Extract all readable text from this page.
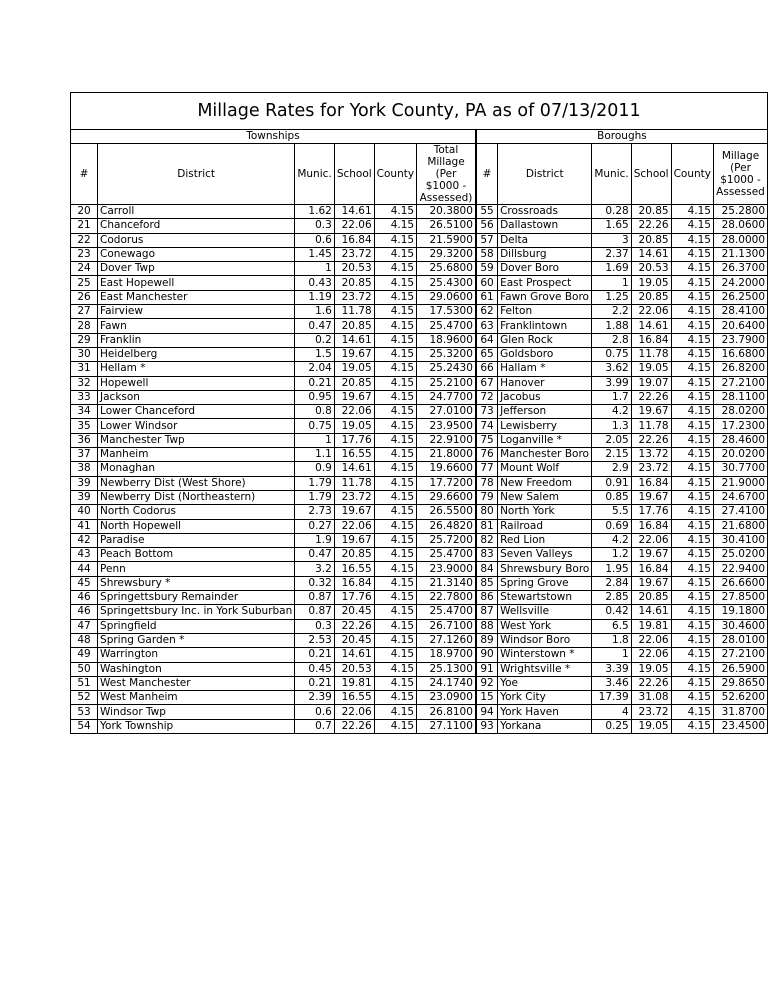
Millage Rates for York County, PA as of 07/13/2011											
Townships						Boroughs					
#	District	Munic.	School	County	Total Millage (Per $1000 - Assessed)	#	District	Munic.	School	County	Millage (Per $1000 - Assessed
20	Carroll	1.62	14.61	4.15	20.3800	55	Crossroads	0.28	20.85	4.15	25.2800
21	Chanceford	0.3	22.06	4.15	26.5100	56	Dallastown	1.65	22.26	4.15	28.0600
22	Codorus	0.6	16.84	4.15	21.5900	57	Delta	3	20.85	4.15	28.0000
23	Conewago	1.45	23.72	4.15	29.3200	58	Dillsburg	2.37	14.61	4.15	21.1300
24	Dover Twp	1	20.53	4.15	25.6800	59	Dover Boro	1.69	20.53	4.15	26.3700
25	East Hopewell	0.43	20.85	4.15	25.4300	60	East Prospect	1	19.05	4.15	24.2000
26	East Manchester	1.19	23.72	4.15	29.0600	61	Fawn Grove Boro	1.25	20.85	4.15	26.2500
27	Fairview	1.6	11.78	4.15	17.5300	62	Felton	2.2	22.06	4.15	28.4100
28	Fawn	0.47	20.85	4.15	25.4700	63	Franklintown	1.88	14.61	4.15	20.6400
29	Franklin	0.2	14.61	4.15	18.9600	64	Glen Rock	2.8	16.84	4.15	23.7900
30	Heidelberg	1.5	19.67	4.15	25.3200	65	Goldsboro	0.75	11.78	4.15	16.6800
31	Hellam *	2.04	19.05	4.15	25.2430	66	Hallam *	3.62	19.05	4.15	26.8200
32	Hopewell	0.21	20.85	4.15	25.2100	67	Hanover	3.99	19.07	4.15	27.2100
33	Jackson	0.95	19.67	4.15	24.7700	72	Jacobus	1.7	22.26	4.15	28.1100
34	Lower Chanceford	0.8	22.06	4.15	27.0100	73	Jefferson	4.2	19.67	4.15	28.0200
35	Lower Windsor	0.75	19.05	4.15	23.9500	74	Lewisberry	1.3	11.78	4.15	17.2300
36	Manchester Twp	1	17.76	4.15	22.9100	75	Loganville *	2.05	22.26	4.15	28.4600
37	Manheim	1.1	16.55	4.15	21.8000	76	Manchester Boro	2.15	13.72	4.15	20.0200
38	Monaghan	0.9	14.61	4.15	19.6600	77	Mount Wolf	2.9	23.72	4.15	30.7700
39	Newberry Dist (West Shore)	1.79	11.78	4.15	17.7200	78	New Freedom	0.91	16.84	4.15	21.9000
39	Newberry Dist (Northeastern)	1.79	23.72	4.15	29.6600	79	New Salem	0.85	19.67	4.15	24.6700
40	North Codorus	2.73	19.67	4.15	26.5500	80	North York	5.5	17.76	4.15	27.4100
41	North Hopewell	0.27	22.06	4.15	26.4820	81	Railroad	0.69	16.84	4.15	21.6800
42	Paradise	1.9	19.67	4.15	25.7200	82	Red Lion	4.2	22.06	4.15	30.4100
43	Peach Bottom	0.47	20.85	4.15	25.4700	83	Seven Valleys	1.2	19.67	4.15	25.0200
44	Penn	3.2	16.55	4.15	23.9000	84	Shrewsbury Boro	1.95	16.84	4.15	22.9400
45	Shrewsbury *	0.32	16.84	4.15	21.3140	85	Spring Grove	2.84	19.67	4.15	26.6600
46	Springettsbury Remainder	0.87	17.76	4.15	22.7800	86	Stewartstown	2.85	20.85	4.15	27.8500
46	Springettsbury Inc. in York Suburban	0.87	20.45	4.15	25.4700	87	Wellsville	0.42	14.61	4.15	19.1800
47	Springfield	0.3	22.26	4.15	26.7100	88	West York	6.5	19.81	4.15	30.4600
48	Spring Garden *	2.53	20.45	4.15	27.1260	89	Windsor Boro	1.8	22.06	4.15	28.0100
49	Warrington	0.21	14.61	4.15	18.9700	90	Winterstown *	1	22.06	4.15	27.2100
50	Washington	0.45	20.53	4.15	25.1300	91	Wrightsville *	3.39	19.05	4.15	26.5900
51	West Manchester	0.21	19.81	4.15	24.1740	92	Yoe	3.46	22.26	4.15	29.8650
52	West Manheim	2.39	16.55	4.15	23.0900	15	York City	17.39	31.08	4.15	52.6200
53	Windsor Twp	0.6	22.06	4.15	26.8100	94	York Haven	4	23.72	4.15	31.8700
54	York Township	0.7	22.26	4.15	27.1100	93	Yorkana	0.25	19.05	4.15	23.4500
